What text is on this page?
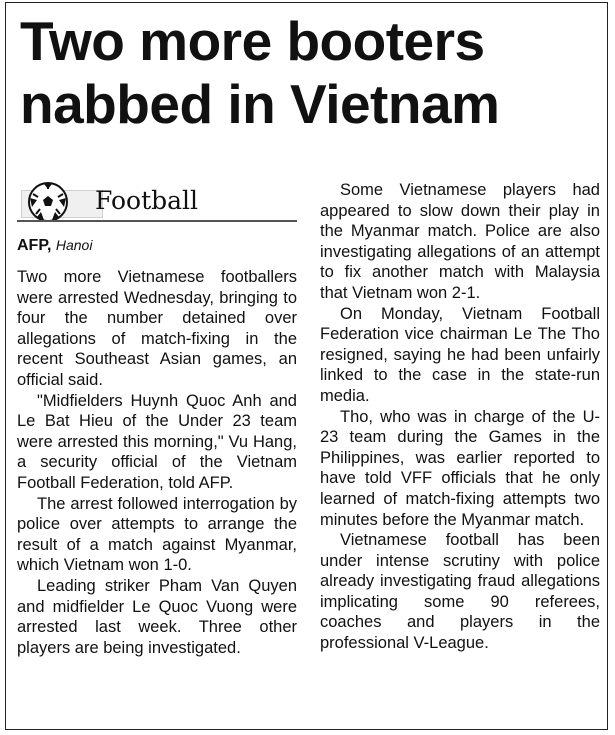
Two more booters
nabbed in Vietnam
Football
AFP, Hanoi

Two more Vietnamese footballers were arrested Wednesday, bringing to four the number detained over allegations of match-fixing in the recent Southeast Asian games, an official said.

"Midfielders Huynh Quoc Anh and Le Bat Hieu of the Under 23 team were arrested this morning," Vu Hang, a security official of the Vietnam Football Federation, told AFP.

The arrest followed interrogation by police over attempts to arrange the result of a match against Myanmar, which Vietnam won 1-0.

Leading striker Pham Van Quyen and midfielder Le Quoc Vuong were arrested last week. Three other players are being investigated.

Some Vietnamese players had appeared to slow down their play in the Myanmar match. Police are also investigating allegations of an attempt to fix another match with Malaysia that Vietnam won 2-1.

On Monday, Vietnam Football Federation vice chairman Le The Tho resigned, saying he had been unfairly linked to the case in the state-run media.

Tho, who was in charge of the U-23 team during the Games in the Philippines, was earlier reported to have told VFF officials that he only learned of match-fixing attempts two minutes before the Myanmar match.

Vietnamese football has been under intense scrutiny with police already investigating fraud allegations implicating some 90 referees, coaches and players in the professional V-League.
